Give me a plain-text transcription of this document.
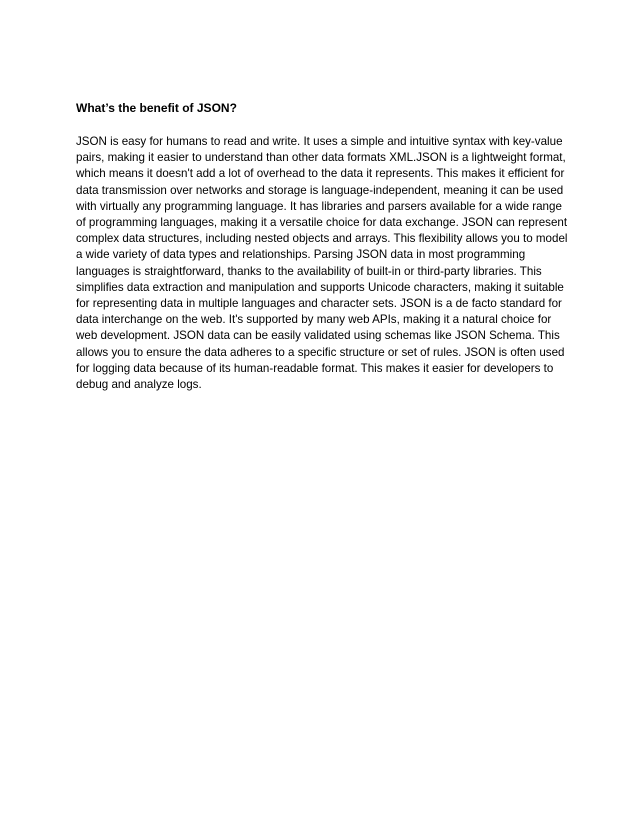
What’s the benefit of JSON?

JSON is easy for humans to read and write. It uses a simple and intuitive syntax with key-value
pairs, making it easier to understand than other data formats XML.JSON is a lightweight format,
which means it doesn't add a lot of overhead to the data it represents. This makes it efficient for
data transmission over networks and storage is language-independent, meaning it can be used
with virtually any programming language. It has libraries and parsers available for a wide range
of programming languages, making it a versatile choice for data exchange. JSON can represent
complex data structures, including nested objects and arrays. This flexibility allows you to model
a wide variety of data types and relationships. Parsing JSON data in most programming
languages is straightforward, thanks to the availability of built-in or third-party libraries. This
simplifies data extraction and manipulation and supports Unicode characters, making it suitable
for representing data in multiple languages and character sets. JSON is a de facto standard for
data interchange on the web. It's supported by many web APIs, making it a natural choice for
web development. JSON data can be easily validated using schemas like JSON Schema. This
allows you to ensure the data adheres to a specific structure or set of rules. JSON is often used
for logging data because of its human-readable format. This makes it easier for developers to
debug and analyze logs.
